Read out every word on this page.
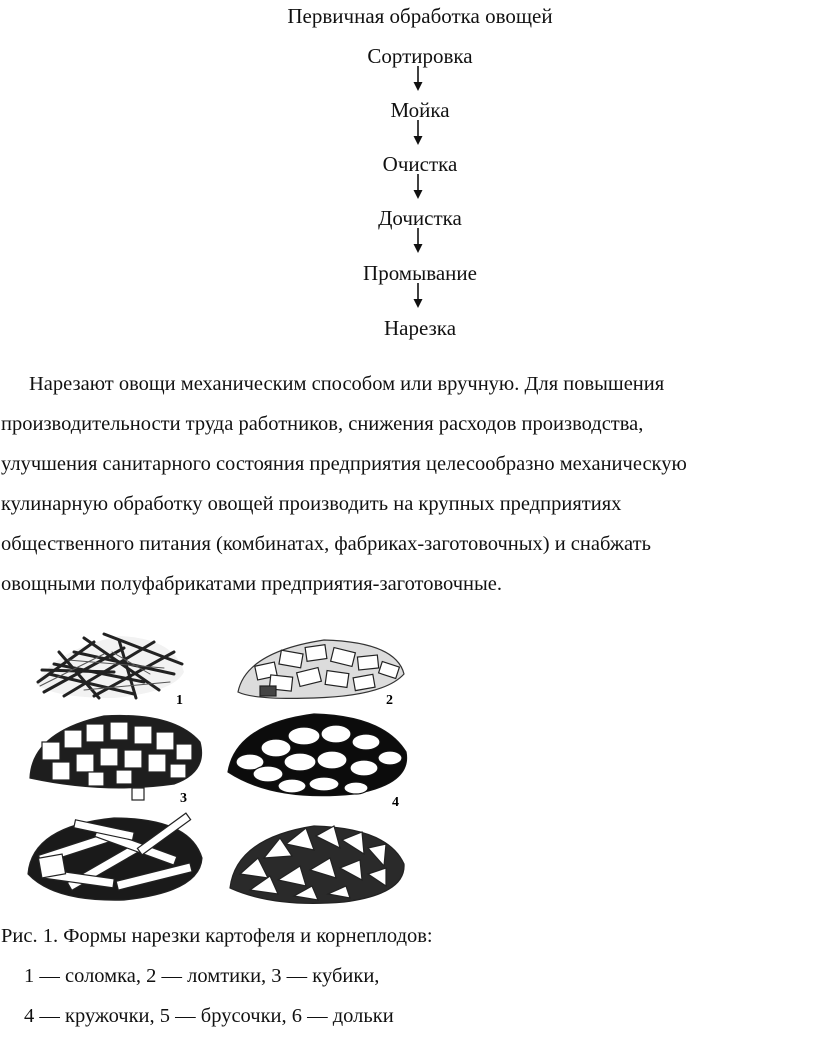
Первичная обработка овощей
Сортировка
Мойка
Очистка
Дочистка
Промывание
Нарезка

Нарезают овощи механическим способом или вручную. Для повышения
производительности труда работников, снижения расходов производства,
улучшения санитарного состояния предприятия целесообразно механическую
кулинарную обработку овощей производить на крупных предприятиях
общественного питания (комбинатах, фабриках-заготовочных) и снабжать
овощными полуфабрикатами предприятия-заготовочные.

1	2
3	4

Рис. 1. Формы нарезки картофеля и корнеплодов:

1 — соломка, 2 — ломтики, 3 — кубики,

4 — кружочки, 5 — брусочки, 6 — дольки
